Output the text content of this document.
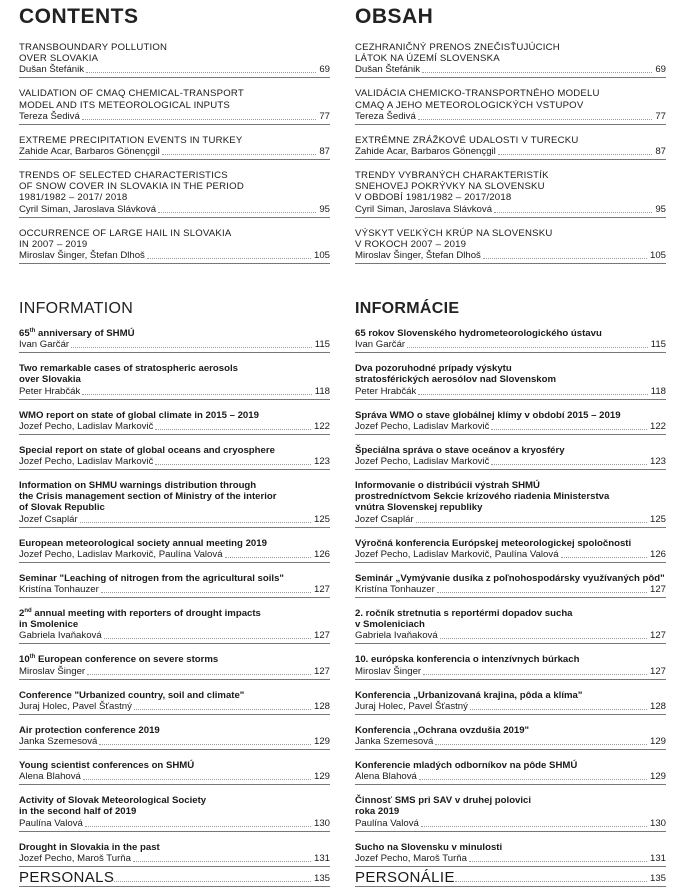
CONTENTS
TRANSBOUNDARY POLLUTION
OVER SLOVAKIA
Dušan Štefánik	69
VALIDATION OF CMAQ CHEMICAL-TRANSPORT
MODEL AND ITS METEOROLOGICAL INPUTS
Tereza Šedivá	77
EXTREME PRECIPITATION EVENTS IN TURKEY
Zahide Acar, Barbaros Gönençgil	87
TRENDS OF SELECTED CHARACTERISTICS
OF SNOW COVER IN SLOVAKIA IN THE PERIOD
1981/1982 – 2017/ 2018
Cyril Siman, Jaroslava Slávková	95
OCCURRENCE OF LARGE HAIL IN SLOVAKIA
IN 2007 – 2019
Miroslav Šinger, Štefan Dlhoš	105
INFORMATION
65th anniversary of SHMÚ
Ivan Garčár	115
Two remarkable cases of stratospheric aerosols
over Slovakia
Peter Hrabčák	118
WMO report on state of global climate in 2015 – 2019
Jozef Pecho, Ladislav Markovič	122
Special report on state of global oceans and cryosphere
Jozef Pecho, Ladislav Markovič	123
Information on SHMU warnings distribution through
the Crisis management section of Ministry of the interior
of Slovak Republic
Jozef Csaplár	125
European meteorological society annual meeting 2019
Jozef Pecho, Ladislav Markovič, Paulína Valová	126
Seminar "Leaching of nitrogen from the agricultural soils"
Kristína Tonhauzer	127
2nd annual meeting with reporters of drought impacts
in Smolenice
Gabriela Ivaňaková	127
10th European conference on severe storms
Miroslav Šinger	127
Conference "Urbanized country, soil and climate"
Juraj Holec, Pavel Šťastný	128
Air protection conference 2019
Janka Szemesová	129
Young scientist conferences on SHMÚ
Alena Blahová	129
Activity of Slovak Meteorological Society
in the second half of 2019
Paulína Valová	130
Drought in Slovakia in the past
Jozef Pecho, Maroš Turňa	131
PERSONALS	135
OBSAH
CEZHRANIČNÝ PRENOS ZNEČISŤUJÚCICH
LÁTOK NA ÚZEMÍ SLOVENSKA
Dušan Štefánik	69
VALIDÁCIA CHEMICKO-TRANSPORTNÉHO MODELU
CMAQ A JEHO METEOROLOGICKÝCH VSTUPOV
Tereza Šedivá	77
EXTRÉMNE ZRÁŽKOVÉ UDALOSTI V TURECKU
Zahide Acar, Barbaros Gönençgil	87
TRENDY VYBRANÝCH CHARAKTERISTÍK
SNEHOVEJ POKRÝVKY NA SLOVENSKU
V OBDOBÍ 1981/1982 – 2017/2018
Cyril Siman, Jaroslava Slávková	95
VÝSKYT VEĽKÝCH KRÚP NA SLOVENSKU
V ROKOCH 2007 – 2019
Miroslav Šinger, Štefan Dlhoš	105
INFORMÁCIE
65 rokov Slovenského hydrometeorologického ústavu
Ivan Garčár	115
Dva pozoruhodné prípady výskytu
stratosférických aerosólov nad Slovenskom
Peter Hrabčák	118
Správa WMO o stave globálnej klímy v období 2015 – 2019
Jozef Pecho, Ladislav Markovič	122
Špeciálna správa o stave oceánov a kryosféry
Jozef Pecho, Ladislav Markovič	123
Informovanie o distribúcii výstrah SHMÚ
prostredníctvom Sekcie krízového riadenia Ministerstva
vnútra Slovenskej republiky
Jozef Csaplár	125
Výročná konferencia Európskej meteorologickej spoločnosti
Jozef Pecho, Ladislav Markovič, Paulína Valová	126
Seminár „Vymývanie dusíka z poľnohospodársky využívaných pôd"
Kristína Tonhauzer	127
2. ročník stretnutia s reportérmi dopadov sucha
v Smoleniciach
Gabriela Ivaňaková	127
10. európska konferencia o intenzívnych búrkach
Miroslav Šinger	127
Konferencia „Urbanizovaná krajina, pôda a klíma"
Juraj Holec, Pavel Šťastný	128
Konferencia „Ochrana ovzdušia 2019"
Janka Szemesová	129
Konferencie mladých odborníkov na pôde SHMÚ
Alena Blahová	129
Činnosť SMS pri SAV v druhej polovici
roka 2019
Paulína Valová	130
Sucho na Slovensku v minulosti
Jozef Pecho, Maroš Turňa	131
PERSONÁLIE	135
